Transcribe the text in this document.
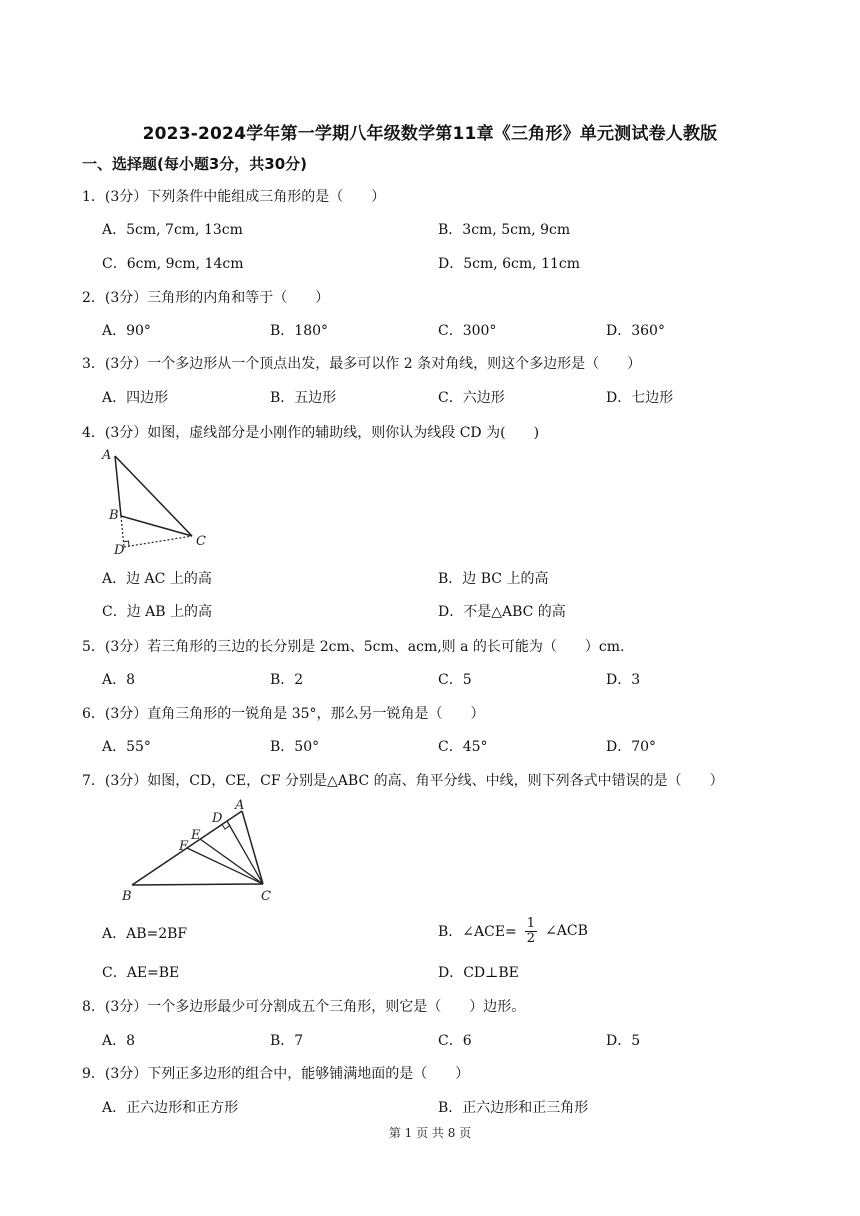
2023-2024学年第一学期八年级数学第11章《三角形》单元测试卷人教版
一、选择题(每小题3分，共30分)
1．(3分）下列条件中能组成三角形的是（　　）
A．5cm, 7cm, 13cm	B．3cm, 5cm, 9cm
C．6cm, 9cm, 14cm	D．5cm, 6cm, 11cm
2．(3分）三角形的内角和等于（　　）
A．90°	B．180°	C．300°	D．360°
3．(3分）一个多边形从一个顶点出发，最多可以作 2 条对角线，则这个多边形是（　　）
A．四边形	B．五边形	C．六边形	D．七边形
4．(3分）如图，虚线部分是小刚作的辅助线，则你认为线段 CD 为(　　)
A
B
C
D
A．边 AC 上的高	B．边 BC 上的高
C．边 AB 上的高	D．不是△ABC 的高
5．(3分）若三角形的三边的长分别是 2cm、5cm、acm,则 a 的长可能为（　　）cm.
A．8	B．2	C．5	D．3
6．(3分）直角三角形的一锐角是 35°，那么另一锐角是（　　）
A．55°	B．50°	C．45°	D．70°
7．(3分）如图，CD，CE，CF 分别是△ABC 的高、角平分线、中线，则下列各式中错误的是（　　）
A
B	C
D
E
F
A．AB=2BF	B．∠ACE= $\frac{1}{2}$ ∠ACB
C．AE=BE	D．CD⊥BE
8．(3分）一个多边形最少可分割成五个三角形，则它是（　　）边形。
A．8	B．7	C．6	D．5
9．(3分）下列正多边形的组合中，能够铺满地面的是（　　）
A．正六边形和正方形	B．正六边形和正三角形
第 1 页 共 8 页
